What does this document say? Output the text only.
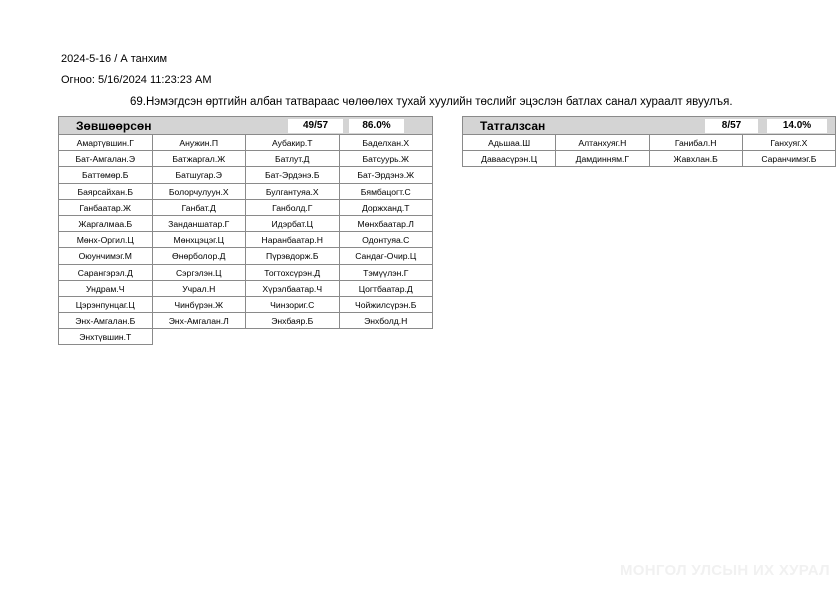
2024-5-16 / А танхим
Огноо: 5/16/2024 11:23:23 AM
69.Нэмэгдсэн өртгийн албан татвараас чөлөөлөх тухай хуулийн төслийг эцэслэн батлах санал хураалт явуулъя.
Зөвшөөрсөн	49/57	86.0%
Амартүвшин.Г	Анужин.П	Аубакир.Т	Баделхан.Х
Бат-Амгалан.Э	Батжаргал.Ж	Батлут.Д	Батсуурь.Ж
Баттөмөр.Б	Батшугар.Э	Бат-Эрдэнэ.Б	Бат-Эрдэнэ.Ж
Баярсайхан.Б	Болорчулуун.Х	Булгантуяа.Х	Бямбацогт.С
Ганбаатар.Ж	Ганбат.Д	Ганболд.Г	Доржханд.Т
Жаргалмаа.Б	Занданшатар.Г	Идэрбат.Ц	Мөнхбаатар.Л
Мөнх-Оргил.Ц	Мөнхцэцэг.Ц	Наранбаатар.Н	Одонтуяа.С
Оюунчимэг.М	Өнөрболор.Д	Пүрэвдорж.Б	Сандаг-Очир.Ц
Сарангэрэл.Д	Сэргэлэн.Ц	Тогтохсүрэн.Д	Тэмүүлэн.Г
Ундрам.Ч	Учрал.Н	Хүрэлбаатар.Ч	Цогтбаатар.Д
Цэрэнпунцаг.Ц	Чинбүрэн.Ж	Чинзориг.С	Чойжилсүрэн.Б
Энх-Амгалан.Б	Энх-Амгалан.Л	Энхбаяр.Б	Энхболд.Н
Энхтүвшин.Т
Татгалзсан	8/57	14.0%
Адьшаа.Ш	Алтанхуяг.Н	Ганибал.Н	Ганхуяг.Х
Даваасүрэн.Ц	Дамдинням.Г	Жавхлан.Б	Саранчимэг.Б
МОНГОЛ УЛСЫН ИХ ХУРАЛ
